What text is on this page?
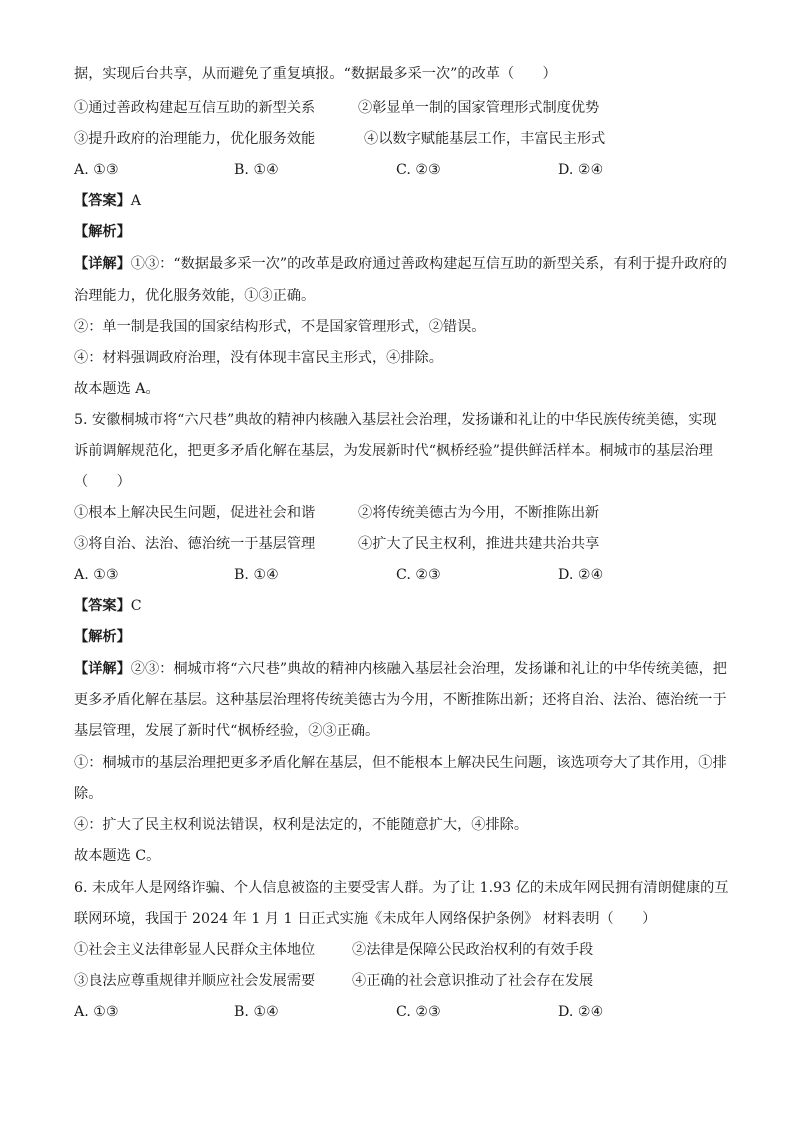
据，实现后台共享，从而避免了重复填报。“数据最多采一次”的改革（　　）
①通过善政构建起互信互助的新型关系	②彰显单一制的国家管理形式制度优势
③提升政府的治理能力，优化服务效能	④以数字赋能基层工作，丰富民主形式
A. ①③	B. ①④	C. ②③	D. ②④
【答案】A
【解析】
【详解】①③：“数据最多采一次”的改革是政府通过善政构建起互信互助的新型关系，有利于提升政府的
治理能力，优化服务效能，①③正确。
②：单一制是我国的国家结构形式，不是国家管理形式，②错误。
④：材料强调政府治理，没有体现丰富民主形式，④排除。
故本题选 A。
5. 安徽桐城市将“六尺巷”典故的精神内核融入基层社会治理，发扬谦和礼让的中华民族传统美德，实现
诉前调解规范化，把更多矛盾化解在基层，为发展新时代“枫桥经验”提供鲜活样本。桐城市的基层治理
（　　）
①根本上解决民生问题，促进社会和谐	②将传统美德古为今用，不断推陈出新
③将自治、法治、德治统一于基层管理	④扩大了民主权利，推进共建共治共享
A. ①③	B. ①④	C. ②③	D. ②④
【答案】C
【解析】
【详解】②③：桐城市将“六尺巷”典故的精神内核融入基层社会治理，发扬谦和礼让的中华传统美德，把
更多矛盾化解在基层。这种基层治理将传统美德古为今用，不断推陈出新；还将自治、法治、德治统一于
基层管理，发展了新时代“枫桥经验，②③正确。
①：桐城市的基层治理把更多矛盾化解在基层，但不能根本上解决民生问题，该选项夸大了其作用，①排
除。
④：扩大了民主权利说法错误，权利是法定的，不能随意扩大，④排除。
故本题选 C。
6. 未成年人是网络诈骗、个人信息被盗的主要受害人群。为了让 1.93 亿的未成年网民拥有清朗健康的互
联网环境，我国于 2024 年 1 月 1 日正式实施《未成年人网络保护条例》 材料表明（　　）
①社会主义法律彰显人民群众主体地位	②法律是保障公民政治权利的有效手段
③良法应尊重规律并顺应社会发展需要	④正确的社会意识推动了社会存在发展
A. ①③	B. ①④	C. ②③	D. ②④
